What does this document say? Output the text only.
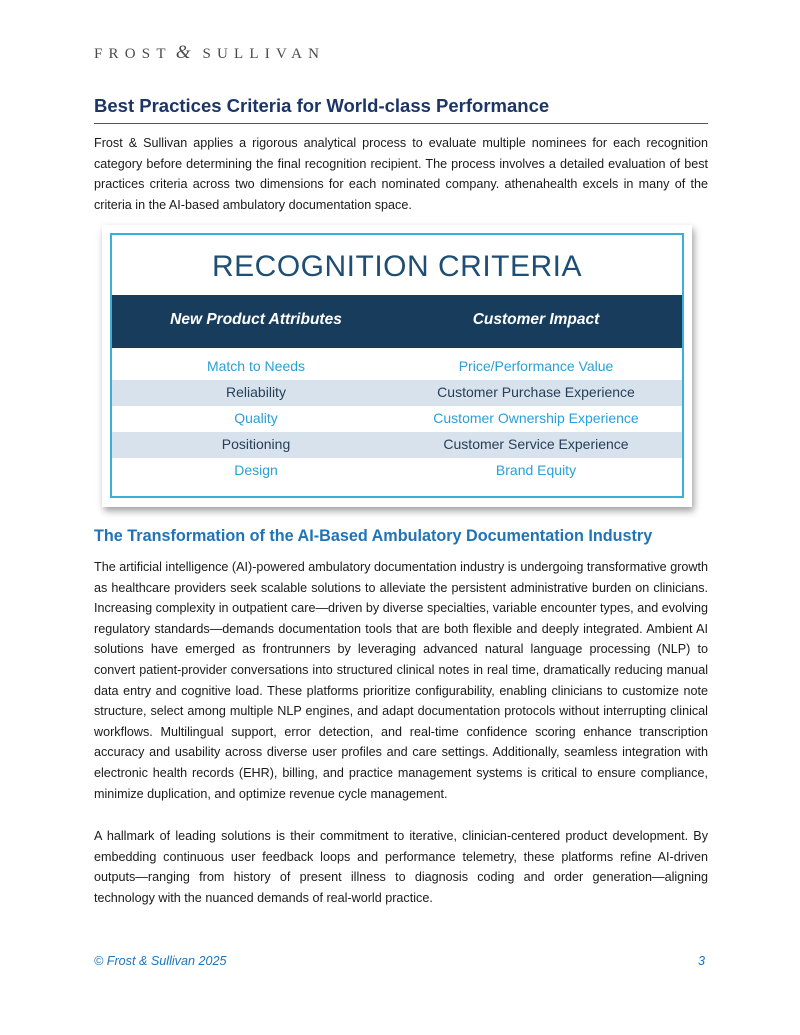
FROST & SULLIVAN
Best Practices Criteria for World-class Performance

Frost & Sullivan applies a rigorous analytical process to evaluate multiple nominees for each recognition category before determining the final recognition recipient. The process involves a detailed evaluation of best practices criteria across two dimensions for each nominated company. athenahealth excels in many of the criteria in the AI-based ambulatory documentation space.

RECOGNITION CRITERIA
New Product Attributes	Customer Impact
Match to Needs	Price/Performance Value
Reliability	Customer Purchase Experience
Quality	Customer Ownership Experience
Positioning	Customer Service Experience
Design	Brand Equity
The Transformation of the AI-Based Ambulatory Documentation Industry

The artificial intelligence (AI)-powered ambulatory documentation industry is undergoing transformative growth as healthcare providers seek scalable solutions to alleviate the persistent administrative burden on clinicians. Increasing complexity in outpatient care—driven by diverse specialties, variable encounter types, and evolving regulatory standards—demands documentation tools that are both flexible and deeply integrated. Ambient AI solutions have emerged as frontrunners by leveraging advanced natural language processing (NLP) to convert patient-provider conversations into structured clinical notes in real time, dramatically reducing manual data entry and cognitive load. These platforms prioritize configurability, enabling clinicians to customize note structure, select among multiple NLP engines, and adapt documentation protocols without interrupting clinical workflows. Multilingual support, error detection, and real-time confidence scoring enhance transcription accuracy and usability across diverse user profiles and care settings. Additionally, seamless integration with electronic health records (EHR), billing, and practice management systems is critical to ensure compliance, minimize duplication, and optimize revenue cycle management.

A hallmark of leading solutions is their commitment to iterative, clinician-centered product development. By embedding continuous user feedback loops and performance telemetry, these platforms refine AI-driven outputs—ranging from history of present illness to diagnosis coding and order generation—aligning technology with the nuanced demands of real-world practice.

© Frost & Sullivan 2025	3
